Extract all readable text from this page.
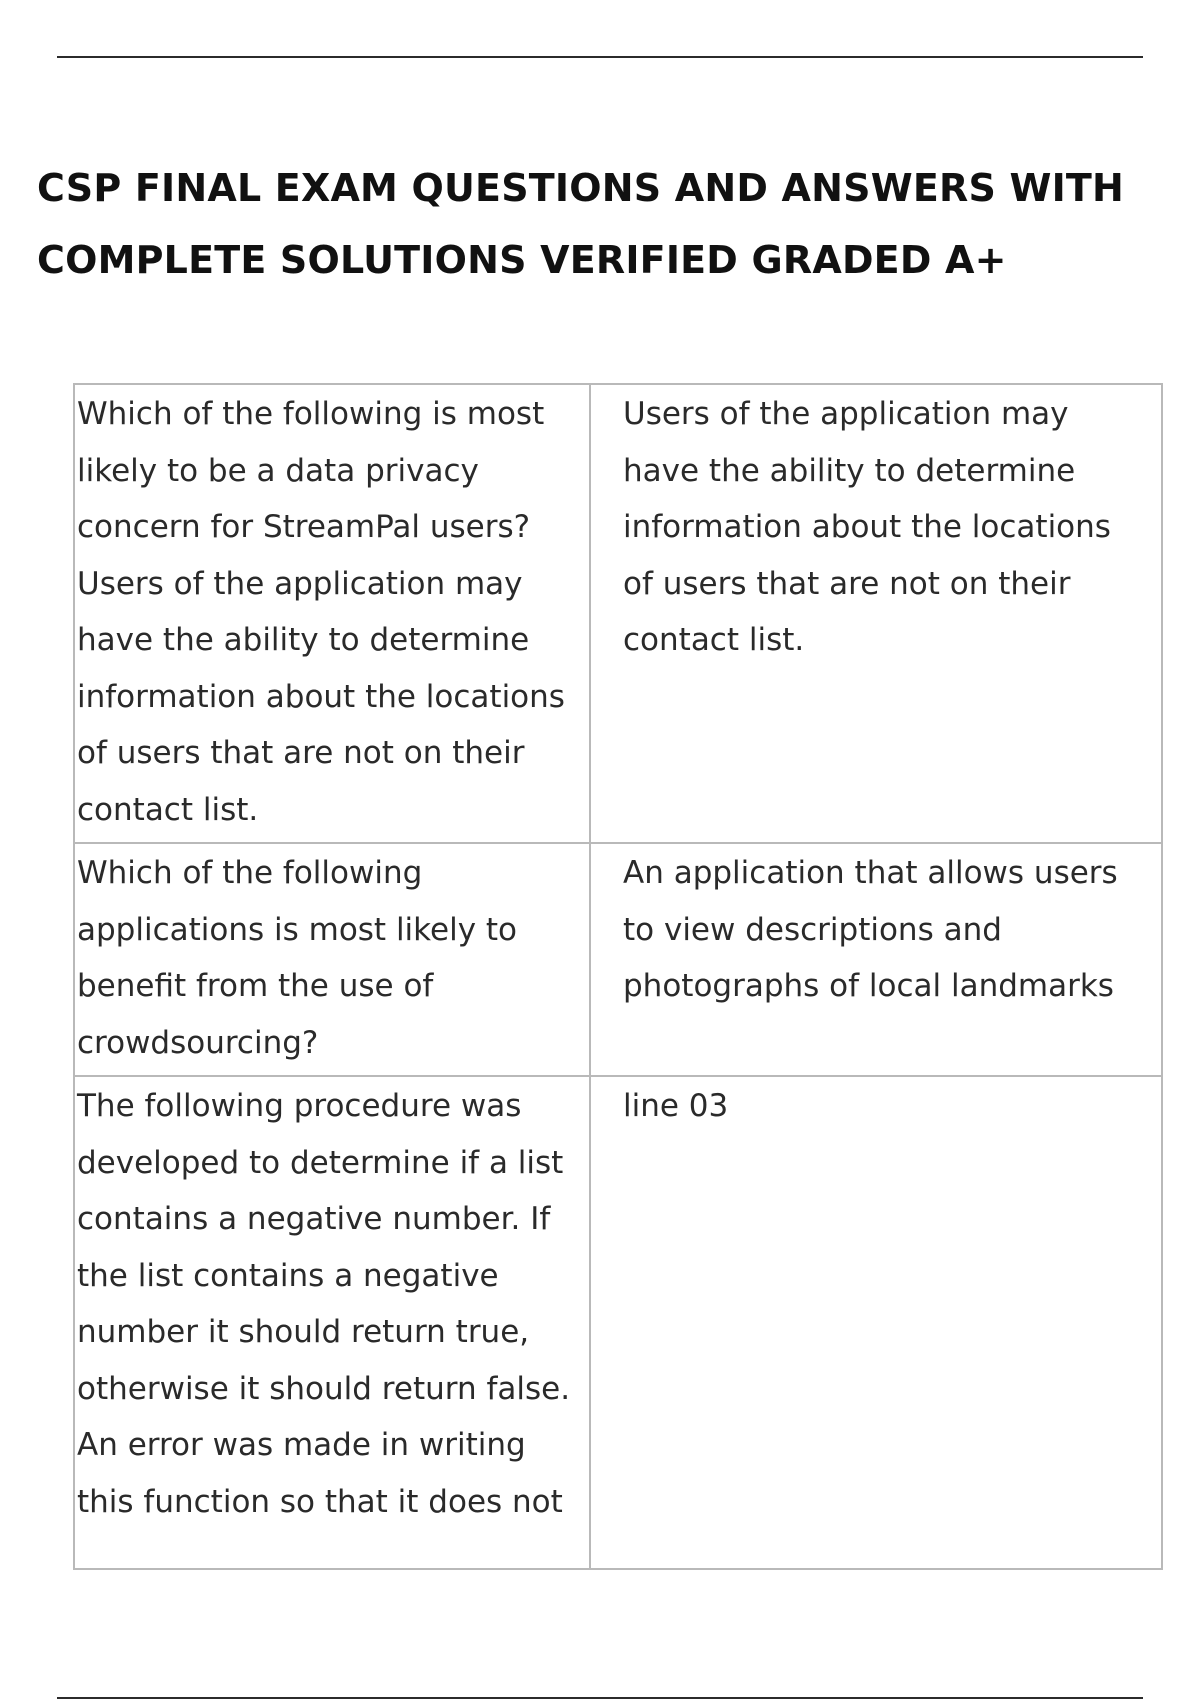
CSP FINAL EXAM QUESTIONS AND ANSWERS WITH
COMPLETE SOLUTIONS VERIFIED GRADED A+
Which of the following is most likely to be a data privacy concern for StreamPal users? Users of the application may have the ability to determine information about the locations of users that are not on their contact list.	Users of the application may have the ability to determine information about the locations of users that are not on their contact list.
Which of the following applications is most likely to benefit from the use of crowdsourcing?	An application that allows users to view descriptions and photographs of local landmarks

The following procedure was developed to determine if a list contains a negative number. If the list contains a negative number it should return true, otherwise it should return false.
An error was made in writing this function so that it does not	line 03
